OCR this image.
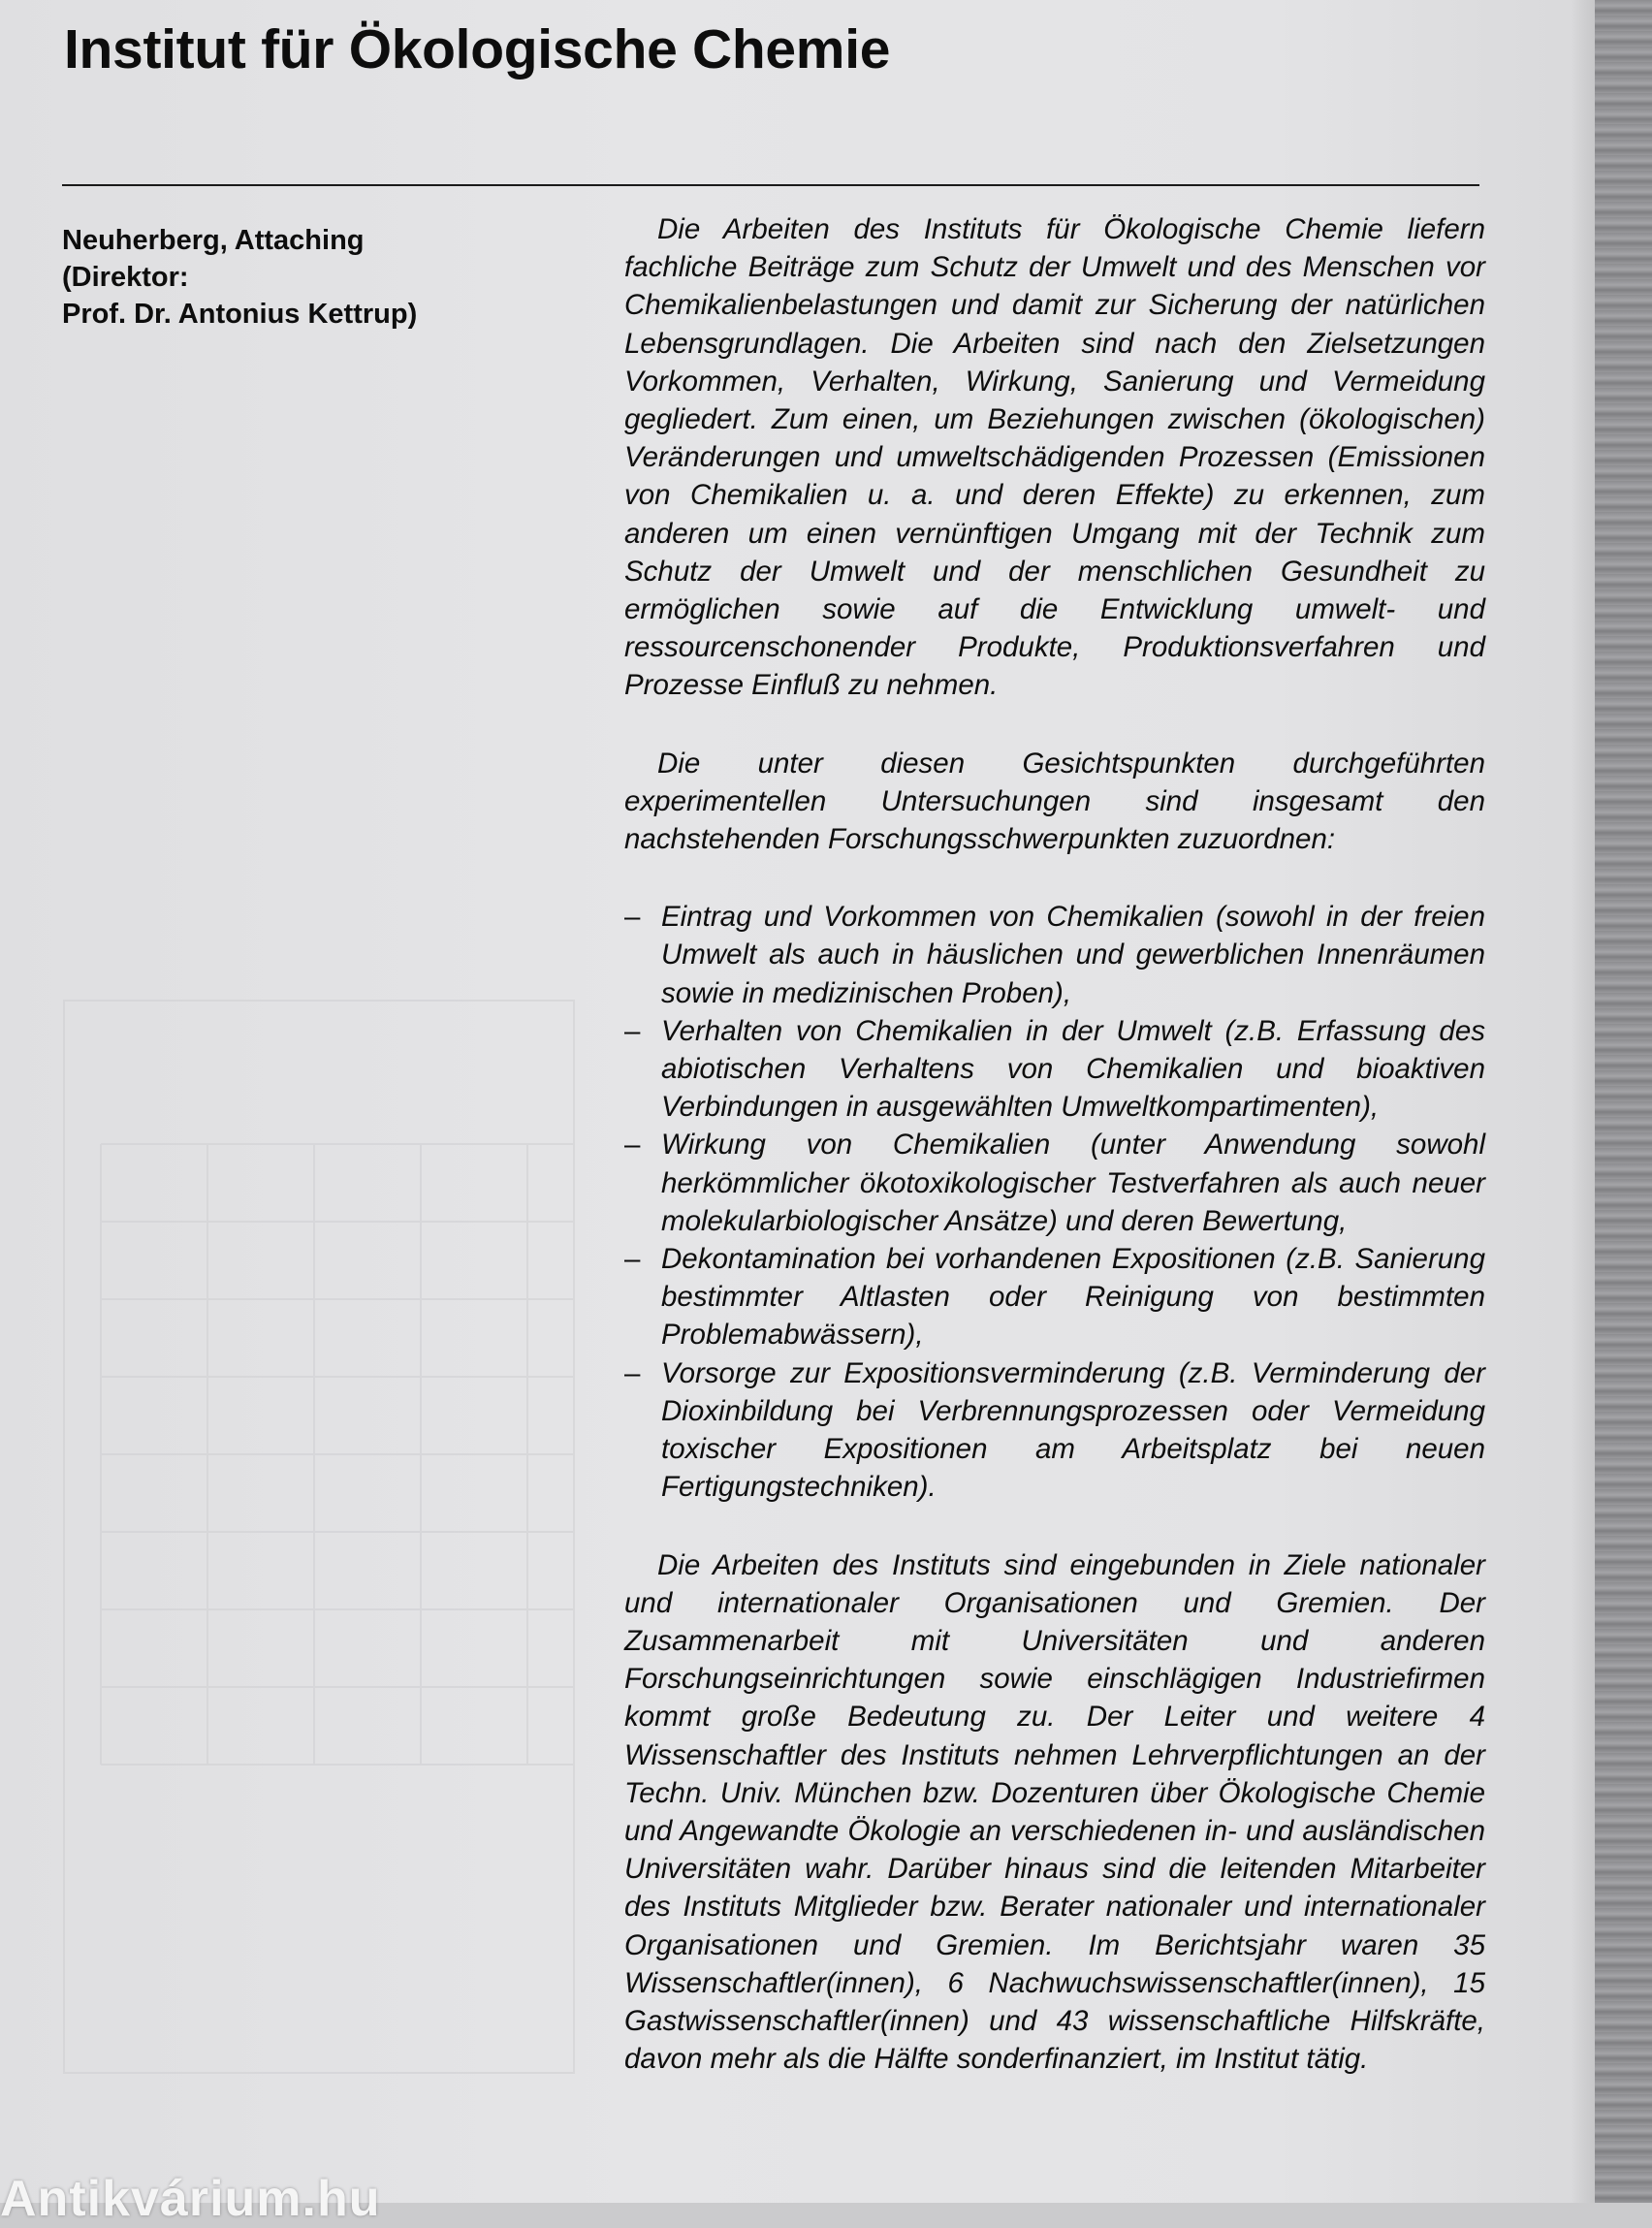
Institut für Ökologische Chemie
Neuherberg, Attaching
(Direktor:
Prof. Dr. Antonius Kettrup)

Die Arbeiten des Instituts für Ökologische Chemie liefern fachliche Beiträge zum Schutz der Umwelt und des Menschen vor Chemikalienbelastungen und damit zur Sicherung der natürlichen Lebensgrundlagen. Die Arbeiten sind nach den Zielsetzungen Vorkommen, Verhalten, Wirkung, Sanierung und Vermeidung gegliedert. Zum einen, um Beziehungen zwischen (ökologischen) Veränderungen und umweltschädigenden Prozessen (Emissionen von Chemikalien u. a. und deren Effekte) zu erkennen, zum anderen um einen vernünftigen Umgang mit der Technik zum Schutz der Umwelt und der menschlichen Gesundheit zu ermöglichen sowie auf die Entwicklung umwelt- und ressourcenschonender Produkte, Produktionsverfahren und Prozesse Einfluß zu nehmen.

Die unter diesen Gesichtspunkten durchgeführten experimentellen Untersuchungen sind insgesamt den nachstehenden Forschungsschwerpunkten zuzuordnen:

– Eintrag und Vorkommen von Chemikalien (sowohl in der freien Umwelt als auch in häuslichen und gewerblichen Innenräumen sowie in medizinischen Proben),
– Verhalten von Chemikalien in der Umwelt (z.B. Erfassung des abiotischen Verhaltens von Chemikalien und bioaktiven Verbindungen in ausgewählten Umweltkompartimenten),
– Wirkung von Chemikalien (unter Anwendung sowohl herkömmlicher ökotoxikologischer Testverfahren als auch neuer molekularbiologischer Ansätze) und deren Bewertung,
– Dekontamination bei vorhandenen Expositionen (z.B. Sanierung bestimmter Altlasten oder Reinigung von bestimmten Problemabwässern),
– Vorsorge zur Expositionsverminderung (z.B. Verminderung der Dioxinbildung bei Verbrennungsprozessen oder Vermeidung toxischer Expositionen am Arbeitsplatz bei neuen Fertigungstechniken).

Die Arbeiten des Instituts sind eingebunden in Ziele nationaler und internationaler Organisationen und Gremien. Der Zusammenarbeit mit Universitäten und anderen Forschungseinrichtungen sowie einschlägigen Industriefirmen kommt große Bedeutung zu. Der Leiter und weitere 4 Wissenschaftler des Instituts nehmen Lehrverpflichtungen an der Techn. Univ. München bzw. Dozenturen über Ökologische Chemie und Angewandte Ökologie an verschiedenen in- und ausländischen Universitäten wahr. Darüber hinaus sind die leitenden Mitarbeiter des Instituts Mitglieder bzw. Berater nationaler und internationaler Organisationen und Gremien. Im Berichtsjahr waren 35 Wissenschaftler(innen), 6 Nachwuchswissenschaftler(innen), 15 Gastwissenschaftler(innen) und 43 wissenschaftliche Hilfskräfte, davon mehr als die Hälfte sonderfinanziert, im Institut tätig.

Antikvárium.hu
